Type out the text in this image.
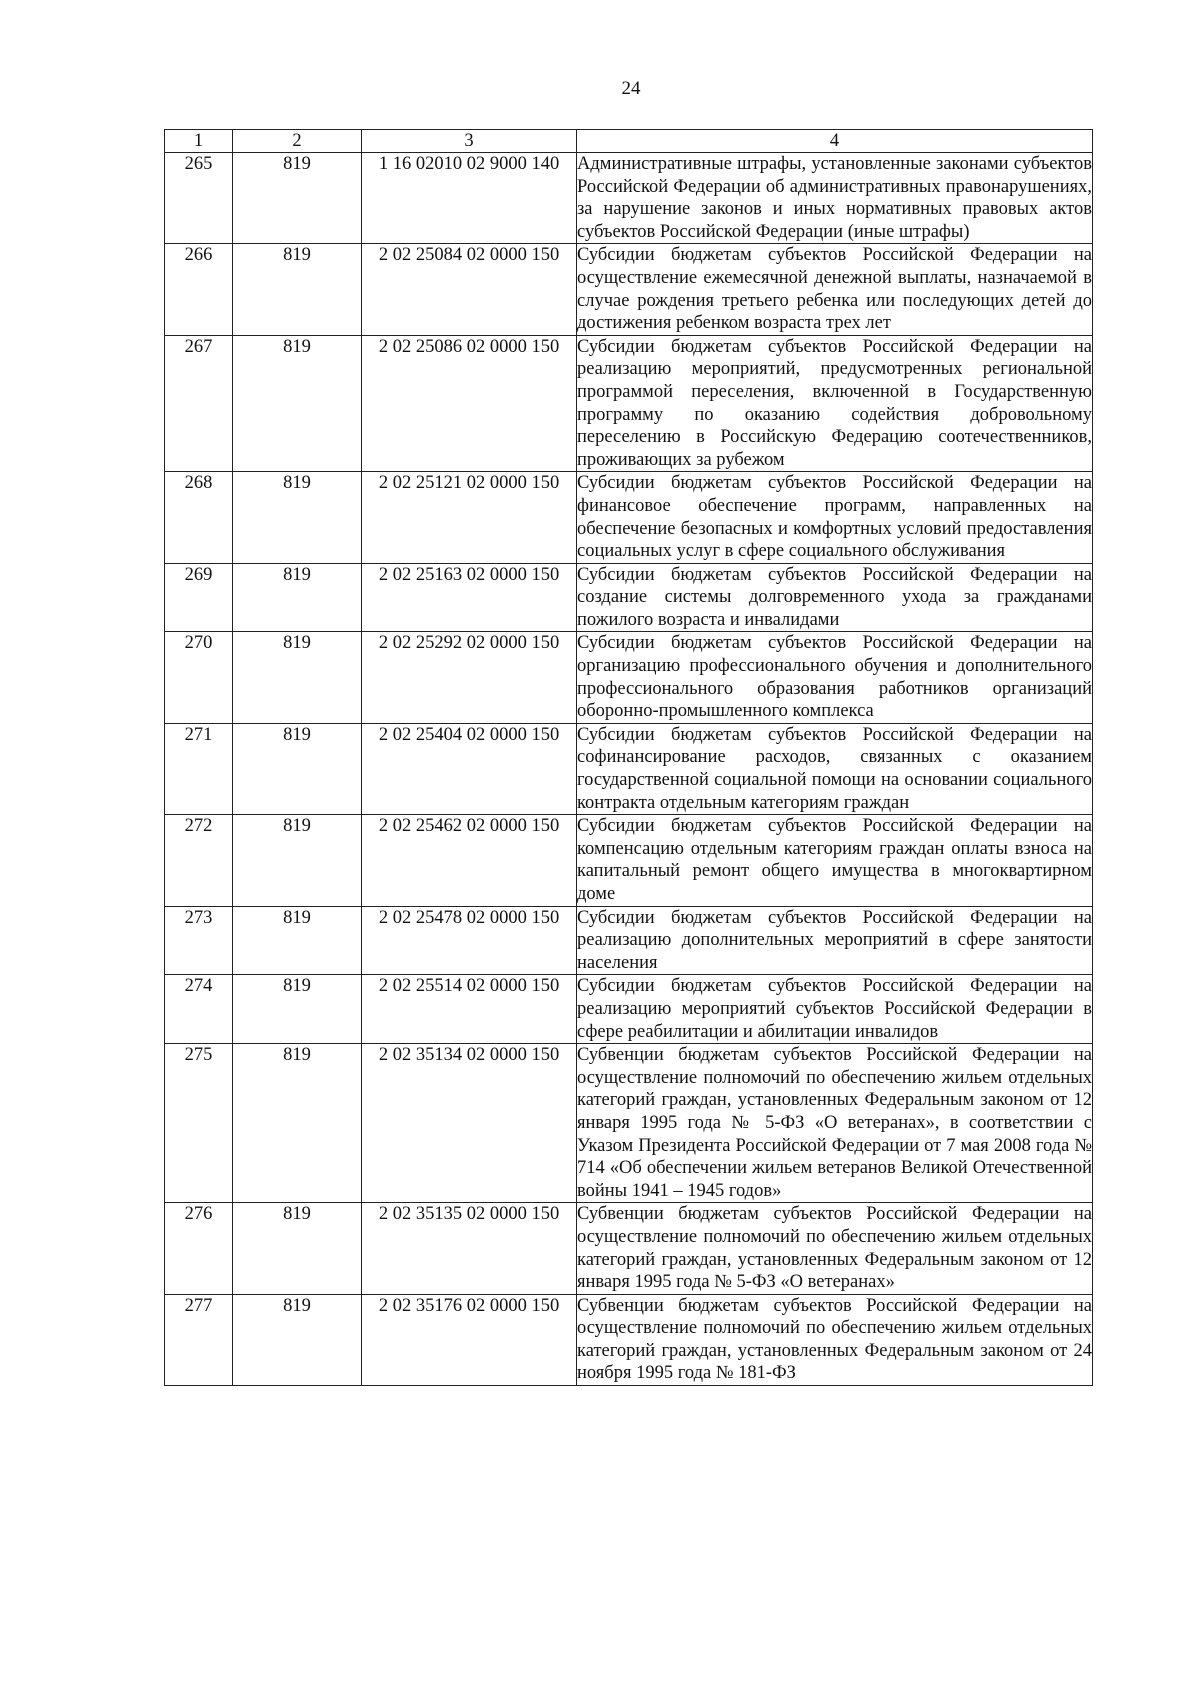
24
1	2	3	4
265	819	1 16 02010 02 9000 140	Административные штрафы, установленные законами субъектов Российской Федерации об административных правонарушениях, за нарушение законов и иных нормативных правовых актов субъектов Российской Федерации (иные штрафы)
266	819	2 02 25084 02 0000 150	Субсидии бюджетам субъектов Российской Федерации на осуществление ежемесячной денежной выплаты, назначаемой в случае рождения третьего ребенка или последующих детей до достижения ребенком возраста трех лет
267	819	2 02 25086 02 0000 150	Субсидии бюджетам субъектов Российской Федерации на реализацию мероприятий, предусмотренных региональной программой переселения, включенной в Государственную программу по оказанию содействия добровольному переселению в Российскую Федерацию соотечественников, проживающих за рубежом
268	819	2 02 25121 02 0000 150	Субсидии бюджетам субъектов Российской Федерации на финансовое обеспечение программ, направленных на обеспечение безопасных и комфортных условий предоставления социальных услуг в сфере социального обслуживания
269	819	2 02 25163 02 0000 150	Субсидии бюджетам субъектов Российской Федерации на создание системы долговременного ухода за гражданами пожилого возраста и инвалидами
270	819	2 02 25292 02 0000 150	Субсидии бюджетам субъектов Российской Федерации на организацию профессионального обучения и дополнительного профессионального образования работников организаций оборонно-промышленного комплекса
271	819	2 02 25404 02 0000 150	Субсидии бюджетам субъектов Российской Федерации на софинансирование расходов, связанных с оказанием государственной социальной помощи на основании социального контракта отдельным категориям граждан
272	819	2 02 25462 02 0000 150	Субсидии бюджетам субъектов Российской Федерации на компенсацию отдельным категориям граждан оплаты взноса на капитальный ремонт общего имущества в многоквартирном доме
273	819	2 02 25478 02 0000 150	Субсидии бюджетам субъектов Российской Федерации на реализацию дополнительных мероприятий в сфере занятости населения
274	819	2 02 25514 02 0000 150	Субсидии бюджетам субъектов Российской Федерации на реализацию мероприятий субъектов Российской Федерации в сфере реабилитации и абилитации инвалидов
275	819	2 02 35134 02 0000 150	Субвенции бюджетам субъектов Российской Федерации на осуществление полномочий по обеспечению жильем отдельных категорий граждан, установленных Федеральным законом от 12 января 1995 года № 5-ФЗ «О ветеранах», в соответствии с Указом Президента Российской Федерации от 7 мая 2008 года № 714 «Об обеспечении жильем ветеранов Великой Отечественной войны 1941 – 1945 годов»
276	819	2 02 35135 02 0000 150	Субвенции бюджетам субъектов Российской Федерации на осуществление полномочий по обеспечению жильем отдельных категорий граждан, установленных Федеральным законом от 12 января 1995 года № 5-ФЗ «О ветеранах»
277	819	2 02 35176 02 0000 150	Субвенции бюджетам субъектов Российской Федерации на осуществление полномочий по обеспечению жильем отдельных категорий граждан, установленных Федеральным законом от 24 ноября 1995 года № 181-ФЗ
